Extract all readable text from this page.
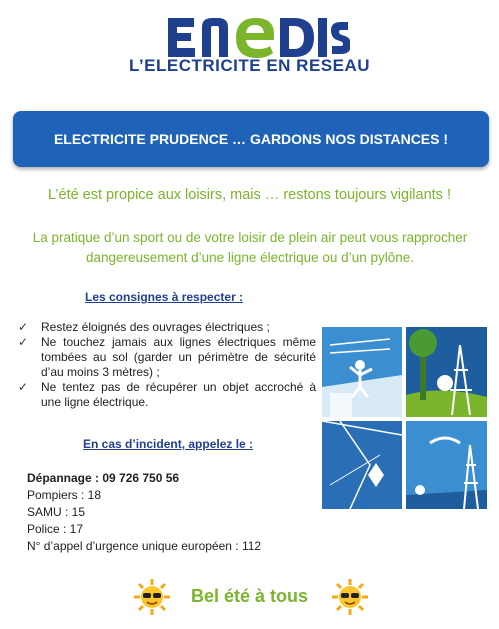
L’ELECTRICITE EN RESEAU
ELECTRICITE PRUDENCE … GARDONS NOS DISTANCES !
L’été est propice aux loisirs, mais … restons toujours vigilants !
La pratique d’un sport ou de votre loisir de plein air peut vous rapprocher dangereusement d’une ligne électrique ou d’un pylône.
Les consignes à respecter :
✓ Restez éloignés des ouvrages électriques ;
✓ Ne touchez jamais aux lignes électriques même tombées au sol (garder un périmètre de sécurité d’au moins 3 mètres) ;
✓ Ne tentez pas de récupérer un objet accroché à une ligne électrique.
En cas d’incident, appelez le :
Dépannage : 09 726 750 56
Pompiers : 18
SAMU : 15
Police : 17
N° d’appel d’urgence unique européen : 112
Bel été à tous
